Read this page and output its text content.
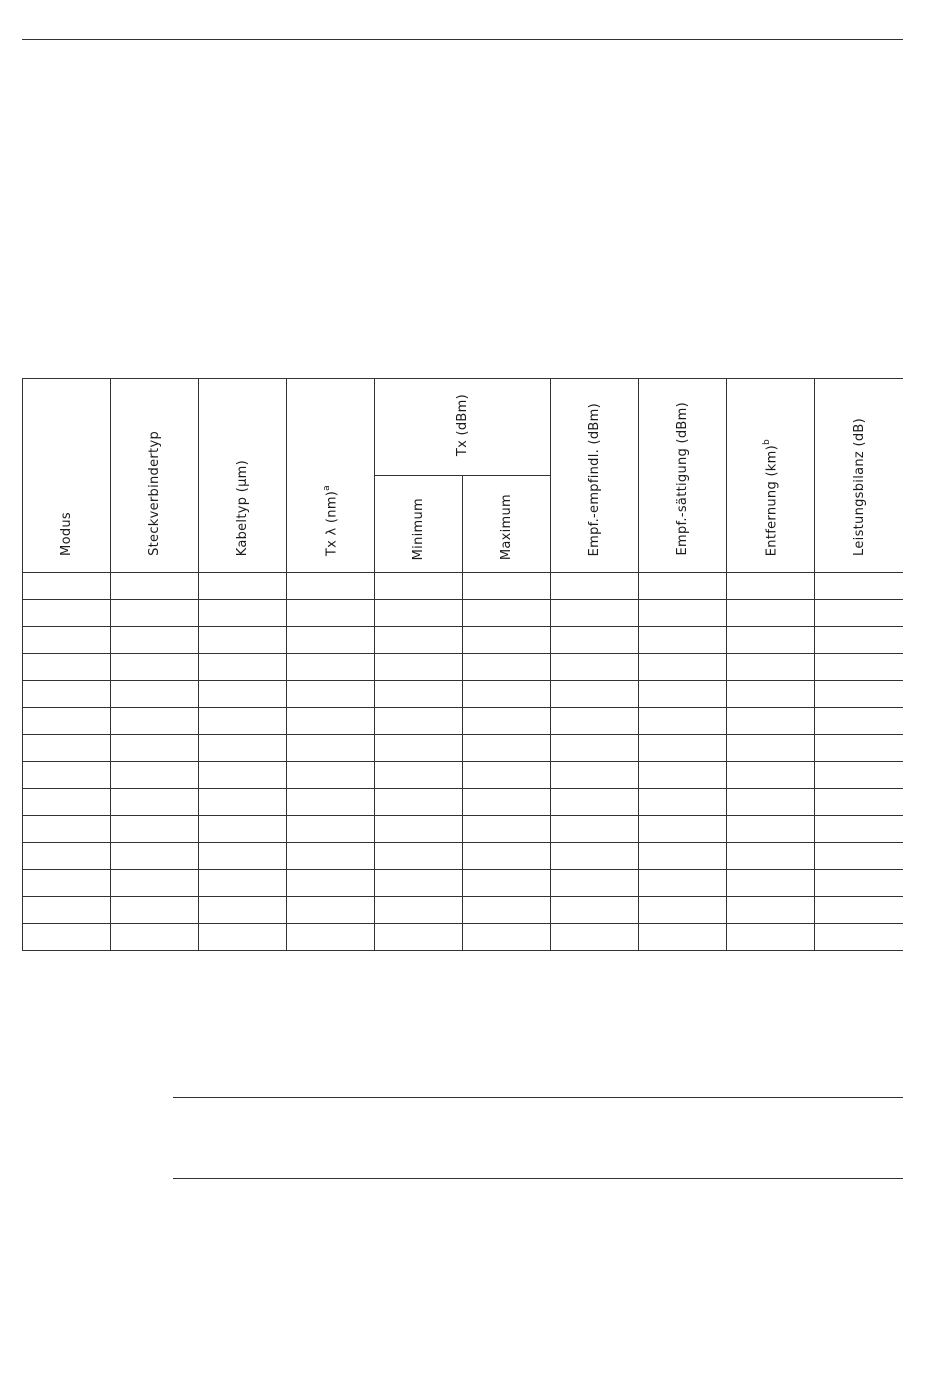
Modus	Steckverbindertyp	Kabeltyp (µm)	Tx λ (nm)$^a$	Tx (dBm)		Empf.-empfindl. (dBm)	Empf.-sättigung (dBm)	Entfernung (km)$^b$	Leistungsbilanz (dB)
				Minimum	Maximum				
